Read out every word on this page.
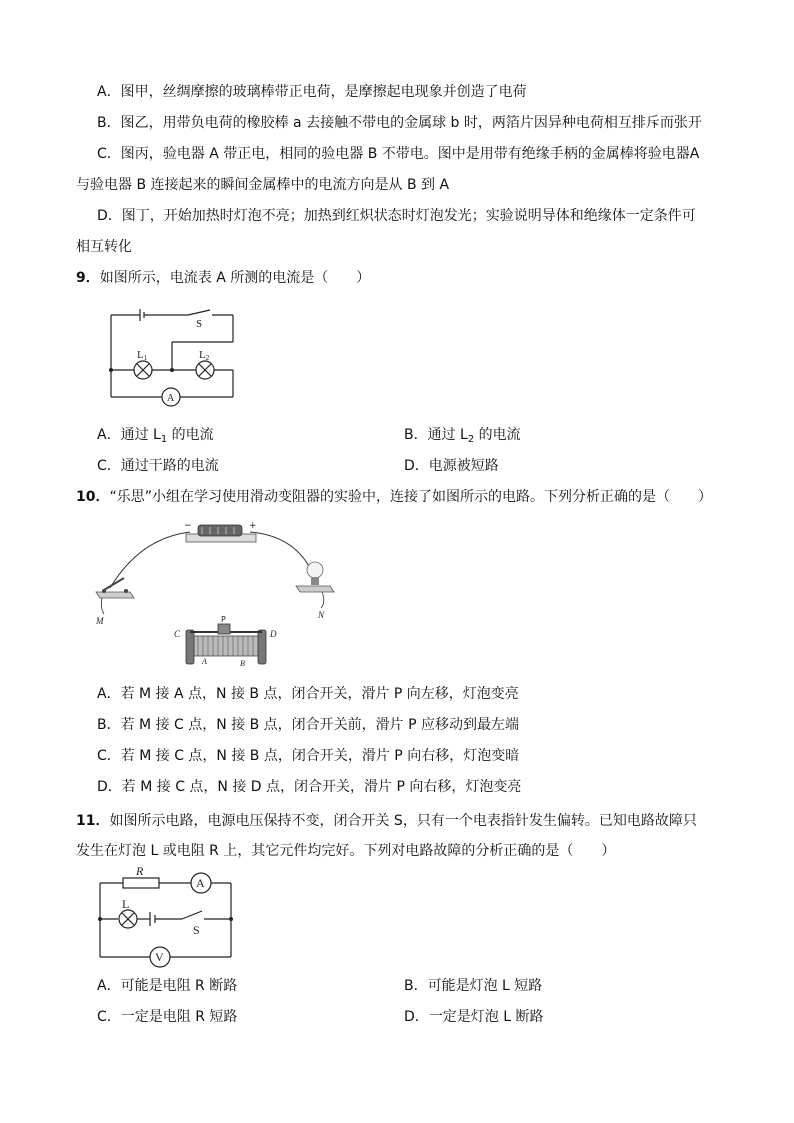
A．图甲，丝绸摩擦的玻璃棒带正电荷，是摩擦起电现象并创造了电荷
B．图乙，用带负电荷的橡胶棒 a 去接触不带电的金属球 b 时，两箔片因异种电荷相互排斥而张开
C．图丙，验电器 A 带正电，相同的验电器 B 不带电。图中是用带有绝缘手柄的金属棒将验电器A
与验电器 B 连接起来的瞬间金属棒中的电流方向是从 B 到 A
D．图丁，开始加热时灯泡不亮；加热到红炽状态时灯泡发光；实验说明导体和绝缘体一定条件可
相互转化
9．如图所示，电流表 A 所测的电流是（　　）
S
L1	L2
A
A．通过 $L_1$ 的电流	B．通过 $L_2$ 的电流
C．通过干路的电流	D．电源被短路
10．“乐思”小组在学习使用滑动变阻器的实验中，连接了如图所示的电路。下列分析正确的是（　　）
−	+
M
N
P
C	D
A	B
A．若 M 接 A 点，N 接 B 点，闭合开关，滑片 P 向左移，灯泡变亮
B．若 M 接 C 点，N 接 B 点，闭合开关前，滑片 P 应移动到最左端
C．若 M 接 C 点，N 接 B 点，闭合开关，滑片 P 向右移，灯泡变暗
D．若 M 接 C 点，N 接 D 点，闭合开关，滑片 P 向右移，灯泡变亮
11．如图所示电路，电源电压保持不变，闭合开关 S，只有一个电表指针发生偏转。已知电路故障只
发生在灯泡 L 或电阻 R 上，其它元件均完好。下列对电路故障的分析正确的是（　　）
R
A
L
S
V
A．可能是电阻 R 断路	B．可能是灯泡 L 短路
C．一定是电阻 R 短路	D．一定是灯泡 L 断路
